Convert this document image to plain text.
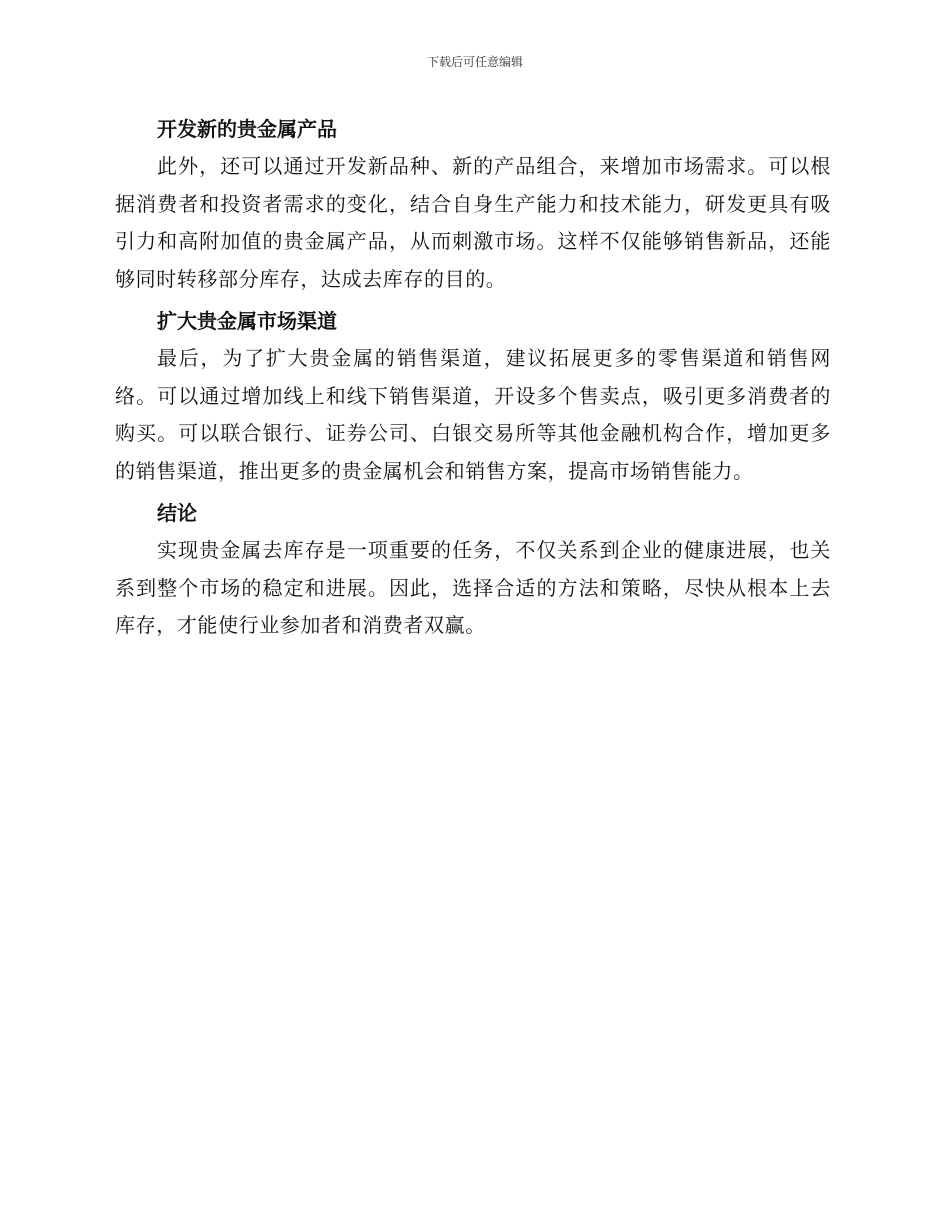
下载后可任意编辑
开发新的贵金属产品

此外，还可以通过开发新品种、新的产品组合，来增加市场需求。可以根据消费者和投资者需求的变化，结合自身生产能力和技术能力，研发更具有吸引力和高附加值的贵金属产品，从而刺激市场。这样不仅能够销售新品，还能够同时转移部分库存，达成去库存的目的。

扩大贵金属市场渠道

最后，为了扩大贵金属的销售渠道，建议拓展更多的零售渠道和销售网络。可以通过增加线上和线下销售渠道，开设多个售卖点，吸引更多消费者的购买。可以联合银行、证券公司、白银交易所等其他金融机构合作，增加更多的销售渠道，推出更多的贵金属机会和销售方案，提高市场销售能力。

结论

实现贵金属去库存是一项重要的任务，不仅关系到企业的健康进展，也关系到整个市场的稳定和进展。因此，选择合适的方法和策略，尽快从根本上去库存，才能使行业参加者和消费者双赢。
